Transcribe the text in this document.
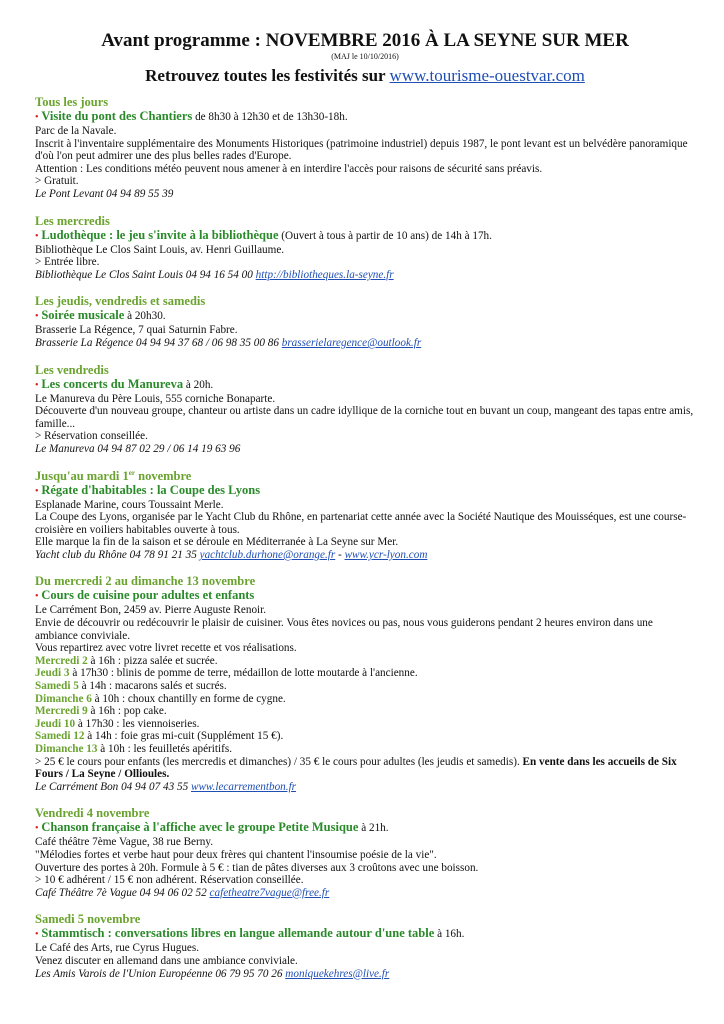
Avant programme : NOVEMBRE 2016 À LA SEYNE SUR MER
(MAJ le 10/10/2016)
Retrouvez toutes les festivités sur www.tourisme-ouestvar.com
Tous les jours
• Visite du pont des Chantiers de 8h30 à 12h30 et de 13h30-18h.
Parc de la Navale.
Inscrit à l'inventaire supplémentaire des Monuments Historiques (patrimoine industriel) depuis 1987, le pont levant est un belvédère panoramique d'où l'on peut admirer une des plus belles rades d'Europe.
Attention : Les conditions météo peuvent nous amener à en interdire l'accès pour raisons de sécurité sans préavis.
> Gratuit.
Le Pont Levant 04 94 89 55 39
Les mercredis
• Ludothèque : le jeu s'invite à la bibliothèque (Ouvert à tous à partir de 10 ans) de 14h à 17h.
Bibliothèque Le Clos Saint Louis, av. Henri Guillaume.
> Entrée libre.
Bibliothèque Le Clos Saint Louis 04 94 16 54 00 http://bibliotheques.la-seyne.fr
Les jeudis, vendredis et samedis
• Soirée musicale à 20h30.
Brasserie La Régence, 7 quai Saturnin Fabre.
Brasserie La Régence 04 94 94 37 68 / 06 98 35 00 86 brasserielaregence@outlook.fr
Les vendredis
• Les concerts du Manureva à 20h.
Le Manureva du Père Louis, 555 corniche Bonaparte.
Découverte d'un nouveau groupe, chanteur ou artiste dans un cadre idyllique de la corniche tout en buvant un coup, mangeant des tapas entre amis, famille...
> Réservation conseillée.
Le Manureva 04 94 87 02 29 / 06 14 19 63 96
Jusqu'au mardi 1er novembre
• Régate d'habitables : la Coupe des Lyons
Esplanade Marine, cours Toussaint Merle.
La Coupe des Lyons, organisée par le Yacht Club du Rhône, en partenariat cette année avec la Société Nautique des Mouisséques, est une course-croisière en voiliers habitables ouverte à tous.
Elle marque la fin de la saison et se déroule en Méditerranée à La Seyne sur Mer.
Yacht club du Rhône 04 78 91 21 35 yachtclub.durhone@orange.fr - www.ycr-lyon.com
Du mercredi 2 au dimanche 13 novembre
• Cours de cuisine pour adultes et enfants
Le Carrément Bon, 2459 av. Pierre Auguste Renoir.
Envie de découvrir ou redécouvrir le plaisir de cuisiner. Vous êtes novices ou pas, nous vous guiderons pendant 2 heures environ dans une ambiance conviviale.
Vous repartirez avec votre livret recette et vos réalisations.
Mercredi 2 à 16h : pizza salée et sucrée.
Jeudi 3 à 17h30 : blinis de pomme de terre, médaillon de lotte moutarde à l'ancienne.
Samedi 5 à 14h : macarons salés et sucrés.
Dimanche 6 à 10h : choux chantilly en forme de cygne.
Mercredi 9 à 16h : pop cake.
Jeudi 10 à 17h30 : les viennoiseries.
Samedi 12 à 14h : foie gras mi-cuit (Supplément 15 €).
Dimanche 13 à 10h : les feuilletés apéritifs.
> 25 € le cours pour enfants (les mercredis et dimanches) / 35 € le cours pour adultes (les jeudis et samedis). En vente dans les accueils de Six Fours / La Seyne / Ollioules.
Le Carrément Bon 04 94 07 43 55 www.lecarrementbon.fr
Vendredi 4 novembre
• Chanson française à l'affiche avec le groupe Petite Musique à 21h.
Café théâtre 7ème Vague, 38 rue Berny.
"Mélodies fortes et verbe haut pour deux frères qui chantent l'insoumise poésie de la vie".
Ouverture des portes à 20h. Formule à 5 € : tian de pâtes diverses aux 3 croûtons avec une boisson.
> 10 € adhérent / 15 € non adhérent. Réservation conseillée.
Café Théâtre 7è Vague 04 94 06 02 52 cafetheatre7vague@free.fr
Samedi 5 novembre
• Stammtisch : conversations libres en langue allemande autour d'une table à 16h.
Le Café des Arts, rue Cyrus Hugues.
Venez discuter en allemand dans une ambiance conviviale.
Les Amis Varois de l'Union Européenne 06 79 95 70 26 moniquekehres@live.fr
